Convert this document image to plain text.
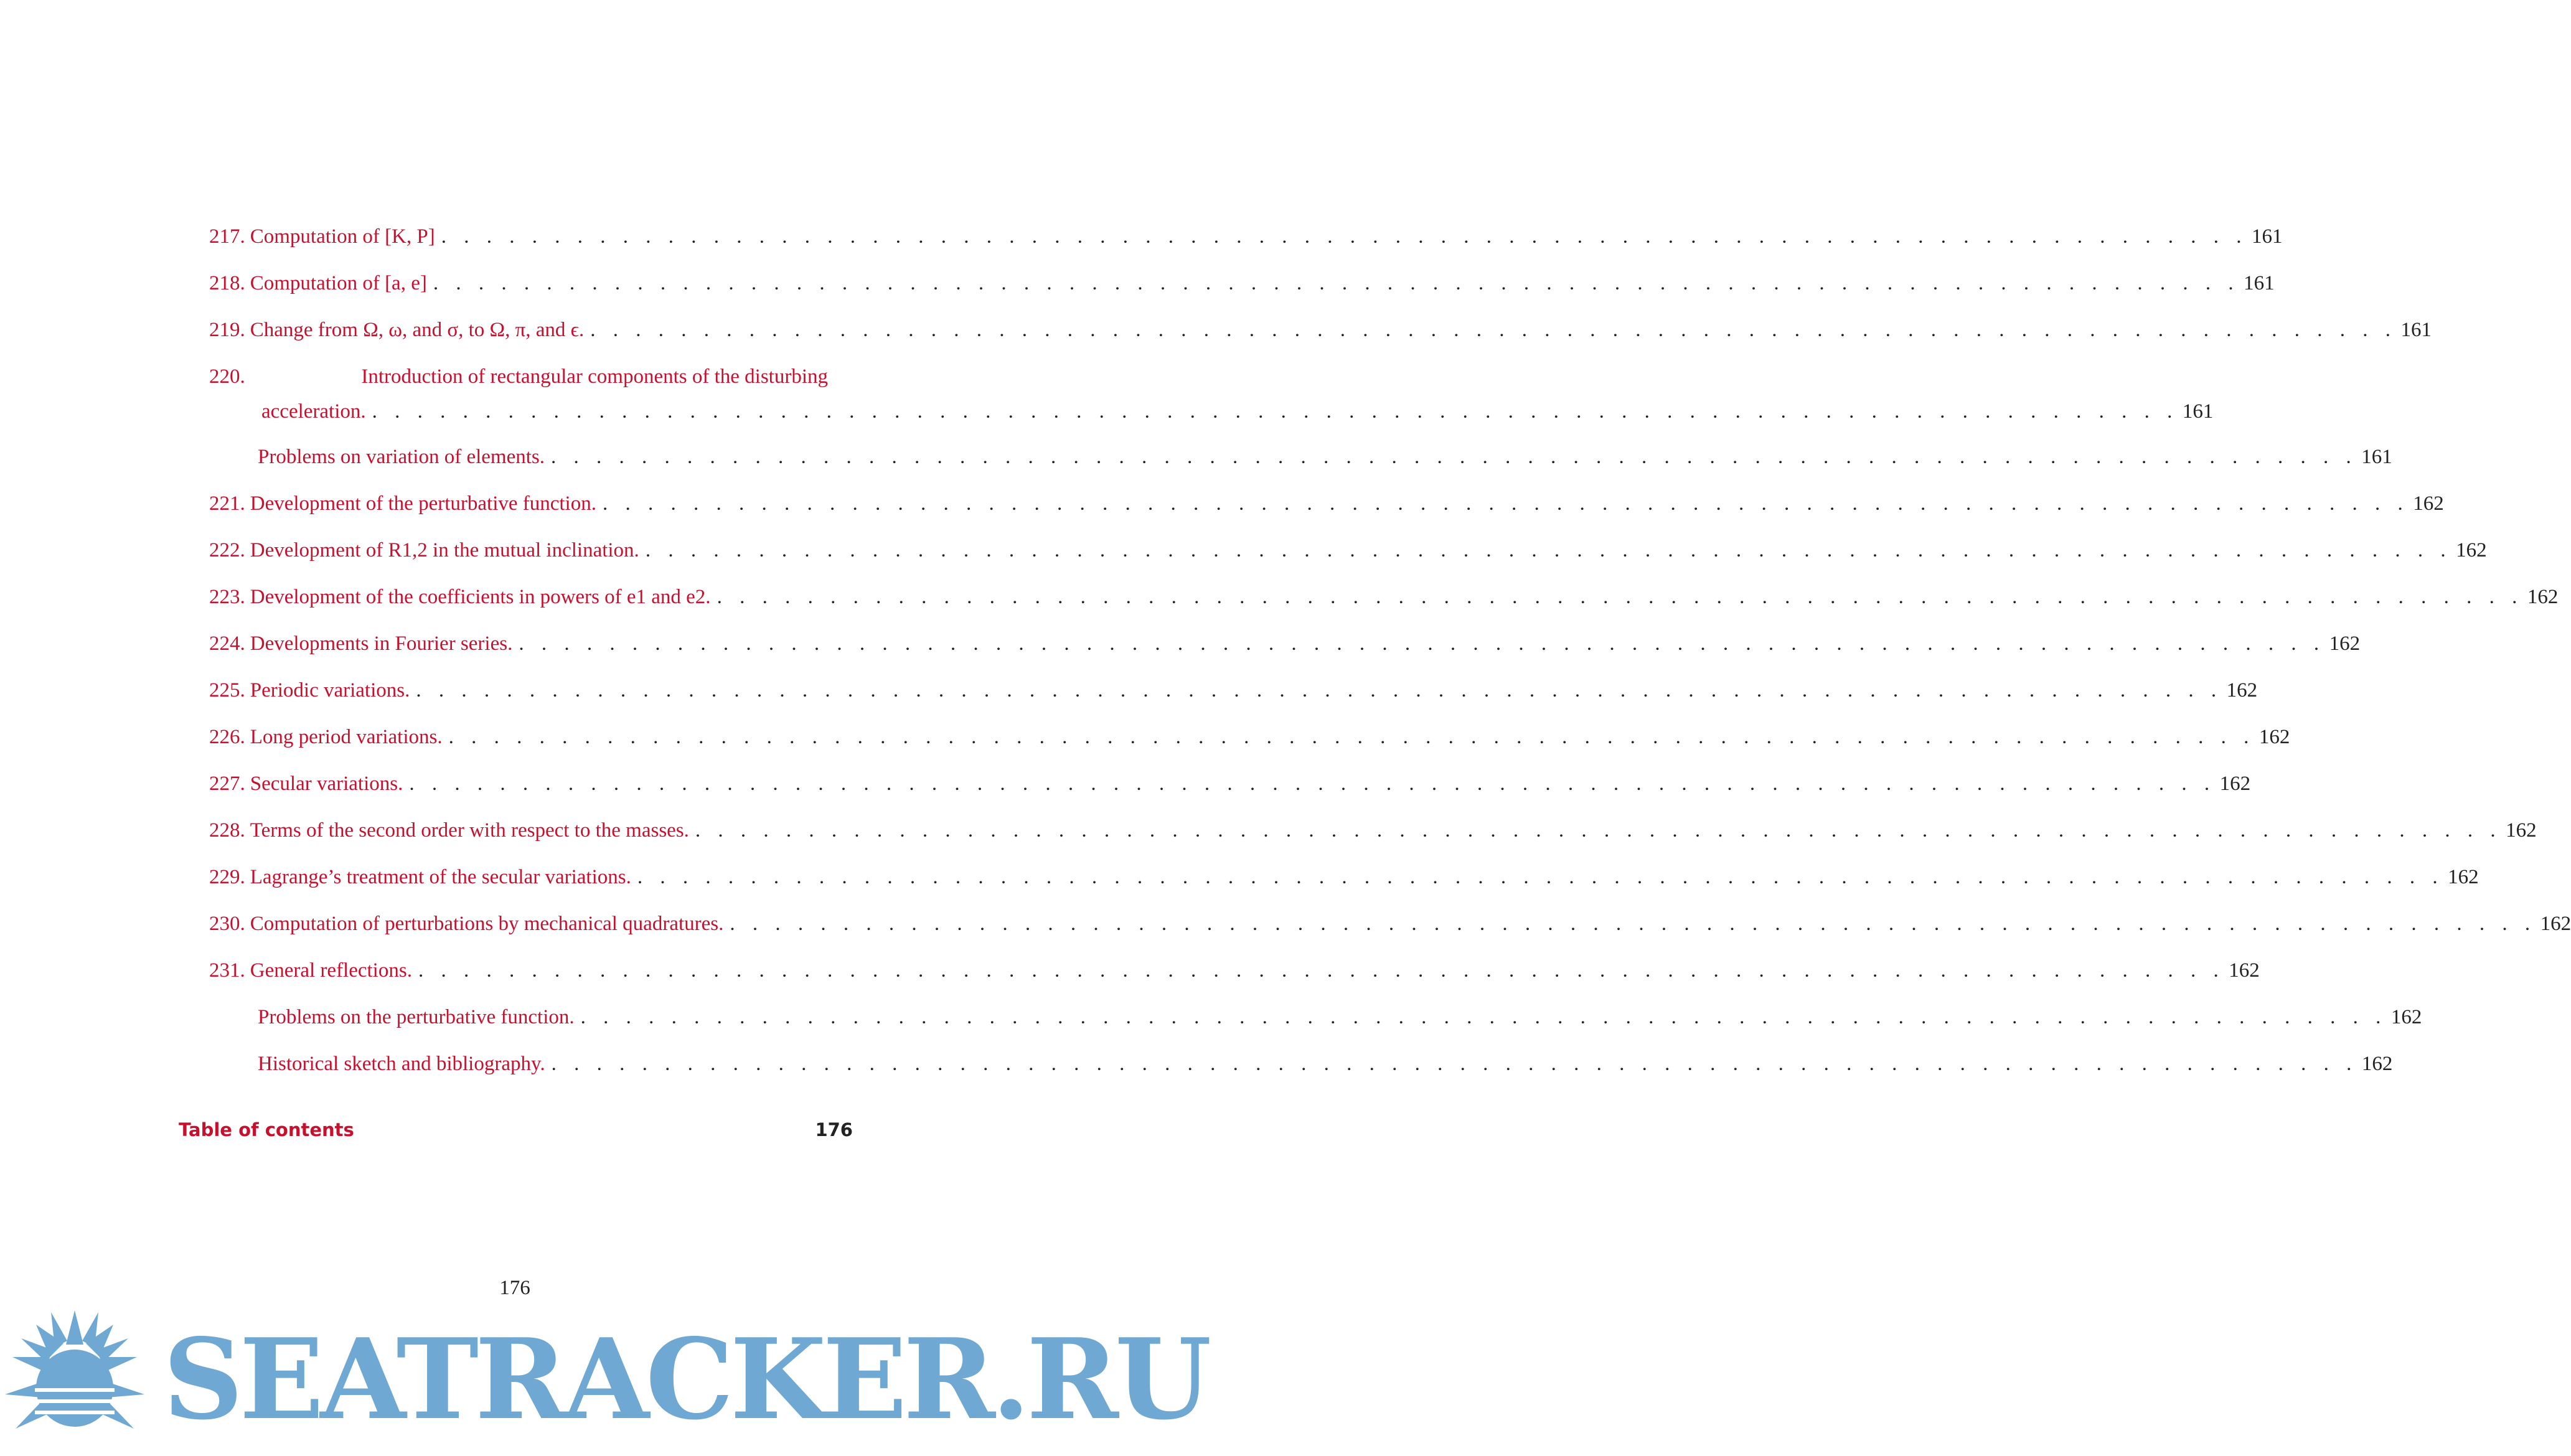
217. Computation of [K, P] . . .	161
218. Computation of [a, e] . . .	161
219. Change from Ω, ω, and σ, to Ω, π, and ϵ. . . .	161
220.	Introduction of rectangular components of the disturbing
acceleration. . . .	161
Problems on variation of elements. . . .	161
221. Development of the perturbative function. . . .	162
222. Development of R1,2 in the mutual inclination. . . .	162
223. Development of the coefficients in powers of e1 and e2. . . .	162
224. Developments in Fourier series. . . .	162
225. Periodic variations. . . .	162
226. Long period variations. . . .	162
227. Secular variations. . . .	162
228. Terms of the second order with respect to the masses. . . .	162
229. Lagrange’s treatment of the secular variations. . . .	162
230. Computation of perturbations by mechanical quadratures. . . .	162
231. General reflections. . . .	162
Problems on the perturbative function. . . .	162
Historical sketch and bibliography. . . .	162
Table of contents	176
176
SEATRACKER.RU
